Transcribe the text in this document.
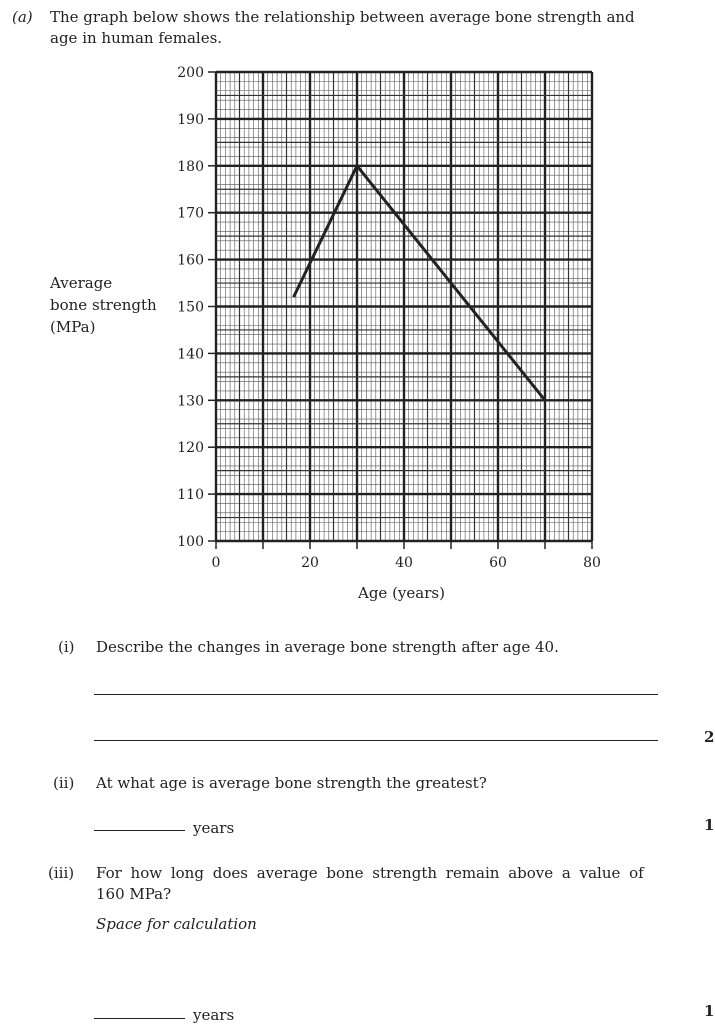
(a) The graph below shows the relationship between average bone strength and
age in human females.
Average
bone strength
(MPa)
100
110
120
130
140
150
160
170
180
190
200
0	20	40	60	80
Age (years)
(i) Describe the changes in average bone strength after age 40.
2
(ii) At what age is average bone strength the greatest?
years	1
(iii) For how long does average bone strength remain above a value of
160 MPa?
Space for calculation
years	1
